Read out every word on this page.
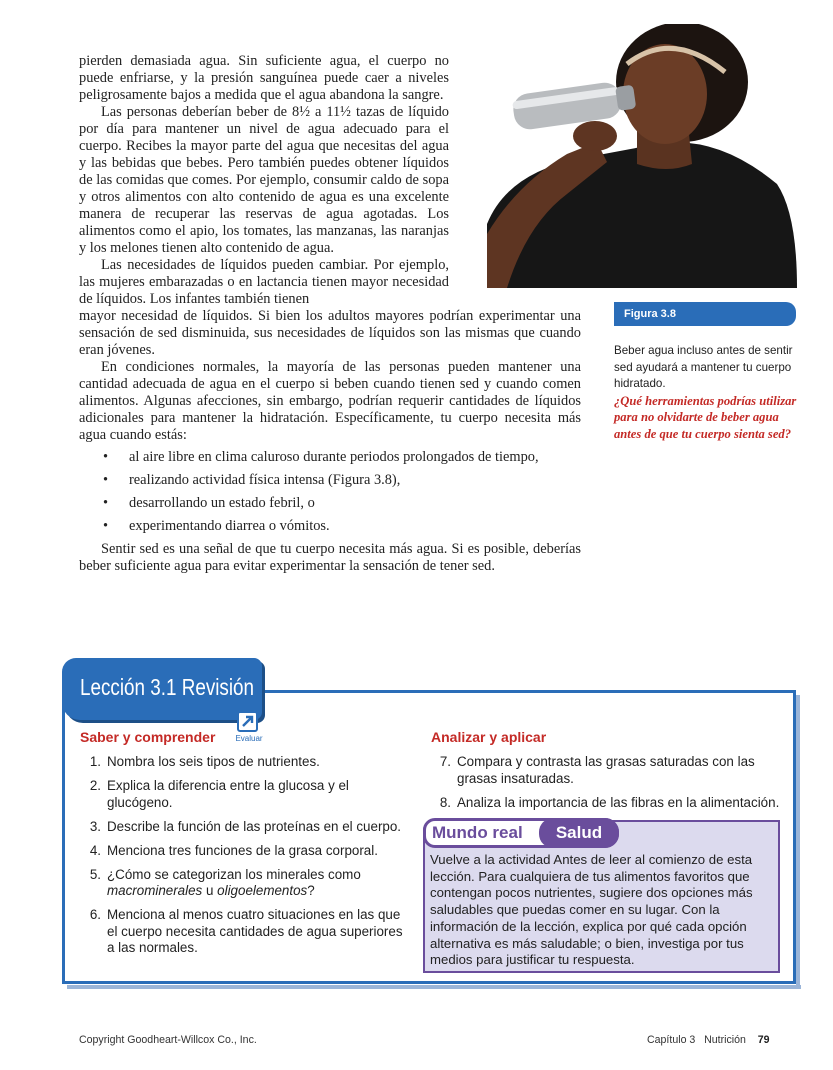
pierden demasiada agua. Sin suficiente agua, el cuerpo no puede enfriarse, y la presión sanguínea puede caer a niveles peligrosamente bajos a medida que el agua abandona la sangre.

Las personas deberían beber de 8½ a 11½ tazas de líquido por día para mantener un nivel de agua adecuado para el cuerpo. Recibes la mayor parte del agua que necesitas del agua y las bebidas que bebes. Pero también puedes obtener líquidos de las comidas que comes. Por ejemplo, consumir caldo de sopa y otros alimentos con alto contenido de agua es una excelente manera de recuperar las reservas de agua agotadas. Los alimentos como el apio, los tomates, las manzanas, las naranjas y los melones tienen alto contenido de agua.

Las necesidades de líquidos pueden cambiar. Por ejemplo, las mujeres embarazadas o en lactancia tienen mayor necesidad de líquidos. Los infantes también tienen

mayor necesidad de líquidos. Si bien los adultos mayores podrían experimentar una sensación de sed disminuida, sus necesidades de líquidos son las mismas que cuando eran jóvenes.

En condiciones normales, la mayoría de las personas pueden mantener una cantidad adecuada de agua en el cuerpo si beben cuando tienen sed y cuando comen alimentos. Algunas afecciones, sin embargo, podrían requerir cantidades de líquidos adicionales para mantener la hidratación. Específicamente, tu cuerpo necesita más agua cuando estás:

• al aire libre en clima caluroso durante periodos prolongados de tiempo,
• realizando actividad física intensa (Figura 3.8),
• desarrollando un estado febril, o
• experimentando diarrea o vómitos.

Sentir sed es una señal de que tu cuerpo necesita más agua. Si es posible, deberías beber suficiente agua para evitar experimentar la sensación de tener sed.

Figura 3.8
Beber agua incluso antes de sentir sed ayudará a mantener tu cuerpo hidratado.
¿Qué herramientas podrías utilizar para no olvidarte de beber agua antes de que tu cuerpo sienta sed?
Lección 3.1 Revisión
Saber y comprender	Evaluar
1. Nombra los seis tipos de nutrientes.
2. Explica la diferencia entre la glucosa y el glucógeno.
3. Describe la función de las proteínas en el cuerpo.
4. Menciona tres funciones de la grasa corporal.
5. ¿Cómo se categorizan los minerales como macrominerales u oligoelementos?
6. Menciona al menos cuatro situaciones en las que el cuerpo necesita cantidades de agua superiores a las normales.
Analizar y aplicar
7. Compara y contrasta las grasas saturadas con las grasas insaturadas.
8. Analiza la importancia de las fibras en la alimentación.
Mundo real	Salud
Vuelve a la actividad Antes de leer al comienzo de esta lección. Para cualquiera de tus alimentos favoritos que contengan pocos nutrientes, sugiere dos opciones más saludables que puedas comer en su lugar. Con la información de la lección, explica por qué cada opción alternativa es más saludable; o bien, investiga por tus medios para justificar tu respuesta.
Copyright Goodheart-Willcox Co., Inc.	Capítulo 3 Nutrición 79
